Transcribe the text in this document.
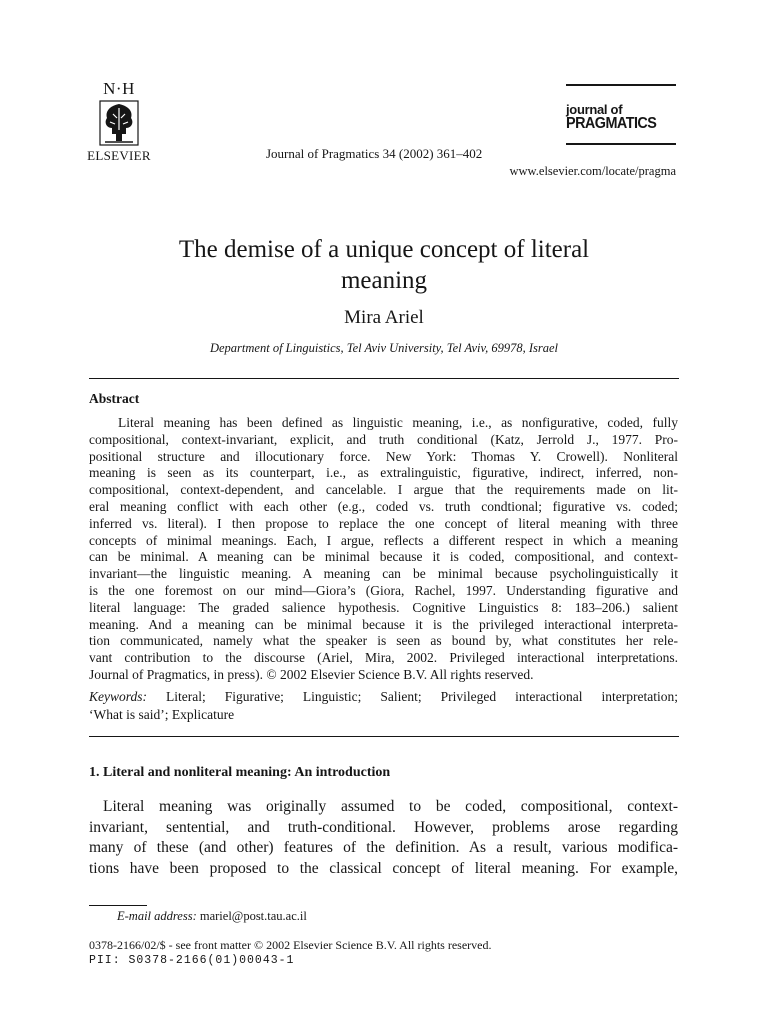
N·H
ELSEVIER	Journal of Pragmatics 34 (2002) 361–402
journal of
PRAGMATICS
www.elsevier.com/locate/pragma
The demise of a unique concept of literal
meaning
Mira Ariel
Department of Linguistics, Tel Aviv University, Tel Aviv, 69978, Israel
Abstract
Literal meaning has been defined as linguistic meaning, i.e., as nonfigurative, coded, fully
compositional, context-invariant, explicit, and truth conditional (Katz, Jerrold J., 1977. Pro-
positional structure and illocutionary force. New York: Thomas Y. Crowell). Nonliteral
meaning is seen as its counterpart, i.e., as extralinguistic, figurative, indirect, inferred, non-
compositional, context-dependent, and cancelable. I argue that the requirements made on lit-
eral meaning conflict with each other (e.g., coded vs. truth condtional; figurative vs. coded;
inferred vs. literal). I then propose to replace the one concept of literal meaning with three
concepts of minimal meanings. Each, I argue, reflects a different respect in which a meaning
can be minimal. A meaning can be minimal because it is coded, compositional, and context-
invariant—the linguistic meaning. A meaning can be minimal because psycholinguistically it
is the one foremost on our mind—Giora’s (Giora, Rachel, 1997. Understanding figurative and
literal language: The graded salience hypothesis. Cognitive Linguistics 8: 183–206.) salient
meaning. And a meaning can be minimal because it is the privileged interactional interpreta-
tion communicated, namely what the speaker is seen as bound by, what constitutes her rele-
vant contribution to the discourse (Ariel, Mira, 2002. Privileged interactional interpretations.
Journal of Pragmatics, in press). © 2002 Elsevier Science B.V. All rights reserved.
Keywords: Literal; Figurative; Linguistic; Salient; Privileged interactional interpretation;
‘What is said’; Explicature
1. Literal and nonliteral meaning: An introduction
Literal meaning was originally assumed to be coded, compositional, context-
invariant, sentential, and truth-conditional. However, problems arose regarding
many of these (and other) features of the definition. As a result, various modifica-
tions have been proposed to the classical concept of literal meaning. For example,
E-mail address: mariel@post.tau.ac.il
0378-2166/02/$ - see front matter © 2002 Elsevier Science B.V. All rights reserved.
PII: S0378-2166(01)00043-1
